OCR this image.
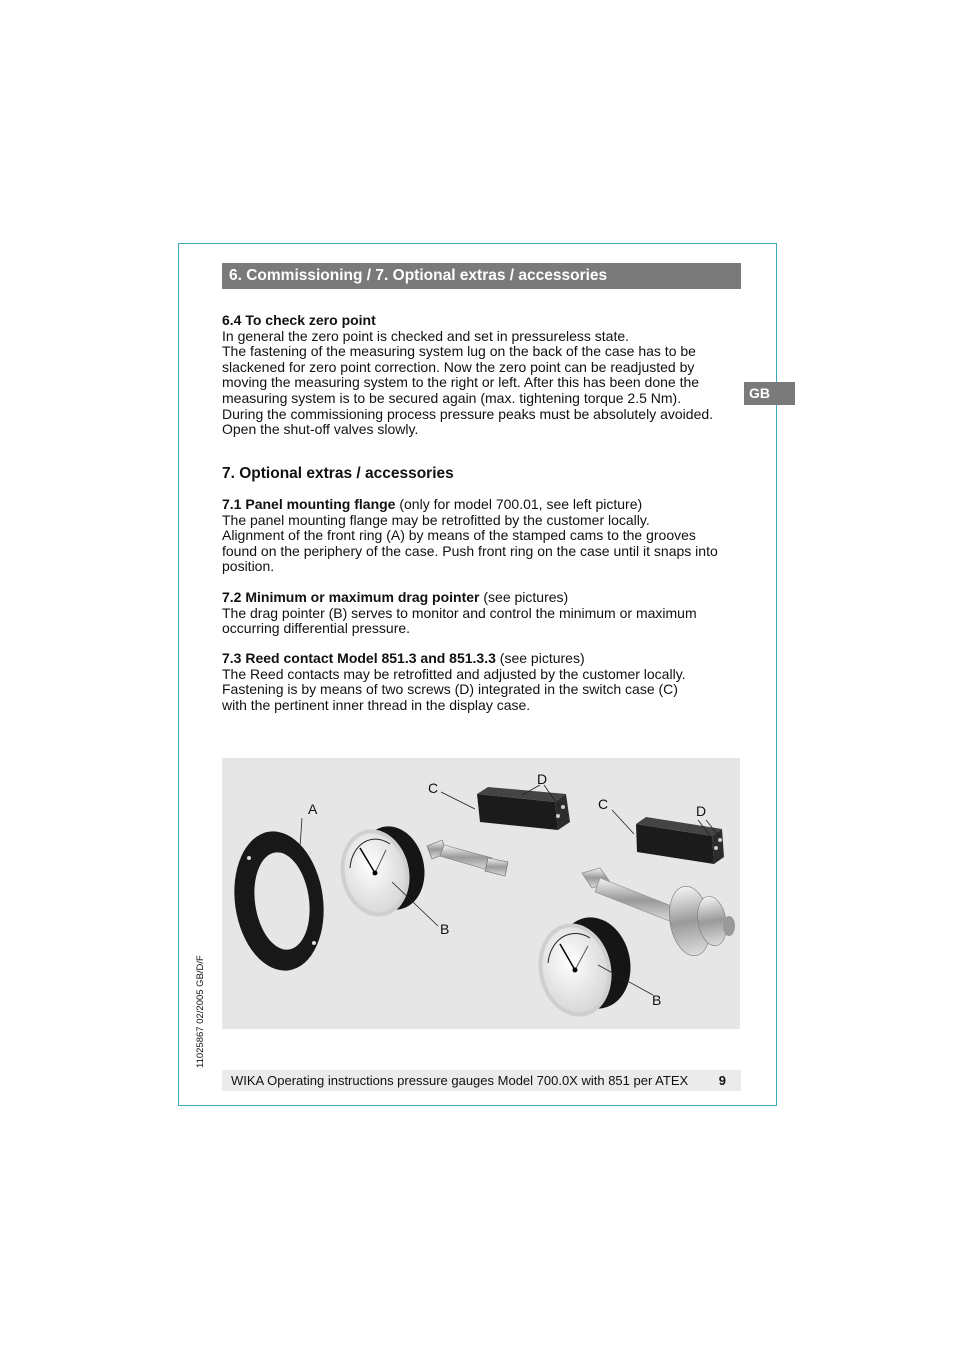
6. Commissioning / 7. Optional extras / accessories
GB
11025867 02/2005 GB/D/F
6.4 To check zero point
In general the zero point is checked and set in pressureless state.
The fastening of the measuring system lug on the back of the case has to be
slackened for zero point correction. Now the zero point can be readjusted by
moving the measuring system to the right or left. After this has been done the
measuring system is to be secured again (max. tightening torque 2.5 Nm).
During the commissioning process pressure peaks must be absolutely avoided.
Open the shut-off valves slowly.
7. Optional extras / accessories
7.1 Panel mounting flange (only for model 700.01, see left picture)
The panel mounting flange may be retrofitted by the customer locally.
Alignment of the front ring (A) by means of the stamped cams to the grooves
found on the periphery of the case. Push front ring on the case until it snaps into
position.
7.2 Minimum or maximum drag pointer (see pictures)
The drag pointer (B) serves to monitor and control the minimum or maximum
occurring differential pressure.
7.3 Reed contact Model 851.3 and 851.3.3 (see pictures)
The Reed contacts may be retrofitted and adjusted by the customer locally.
Fastening is by means of two screws (D) integrated in the switch case (C)
with the pertinent inner thread in the display case.
A
C
D
C	D
B
B
WIKA Operating instructions pressure gauges Model 700.0X with 851 per ATEX 9
